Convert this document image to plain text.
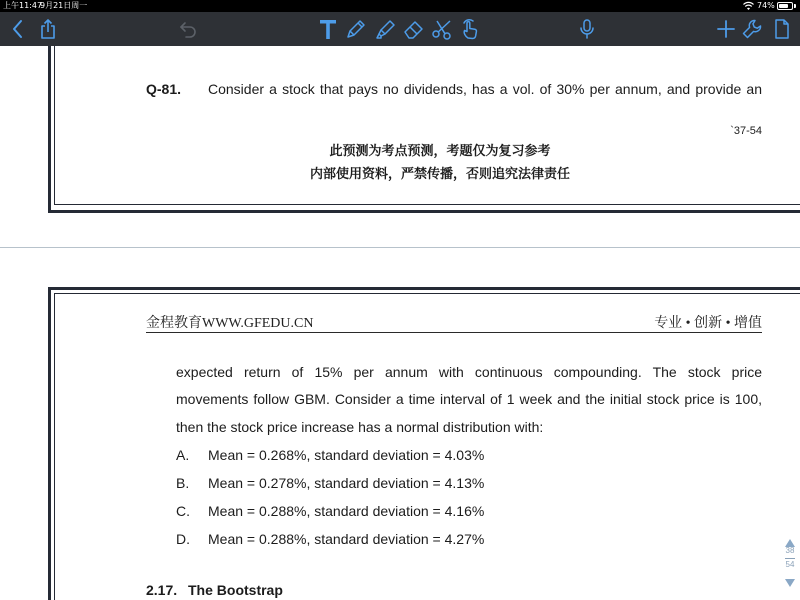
上午11:47
9月21日周一	74%
Q-81. Consider a stock that pays no dividends, has a vol. of 30% per annum, and provide an
`37-54
此预测为考点预测，考题仅为复习参考
内部使用资料，严禁传播，否则追究法律责任
金程教育WWW.GFEDU.CN	专业 • 创新 • 增值
expected return of 15% per annum with continuous compounding. The stock price
movements follow GBM. Consider a time interval of 1 week and the initial stock price is 100,
then the stock price increase has a normal distribution with:
A. Mean = 0.268%, standard deviation = 4.03%
B. Mean = 0.278%, standard deviation = 4.13%
C. Mean = 0.288%, standard deviation = 4.16%
D. Mean = 0.288%, standard deviation = 4.27%
2.17. The Bootstrap
38
54
